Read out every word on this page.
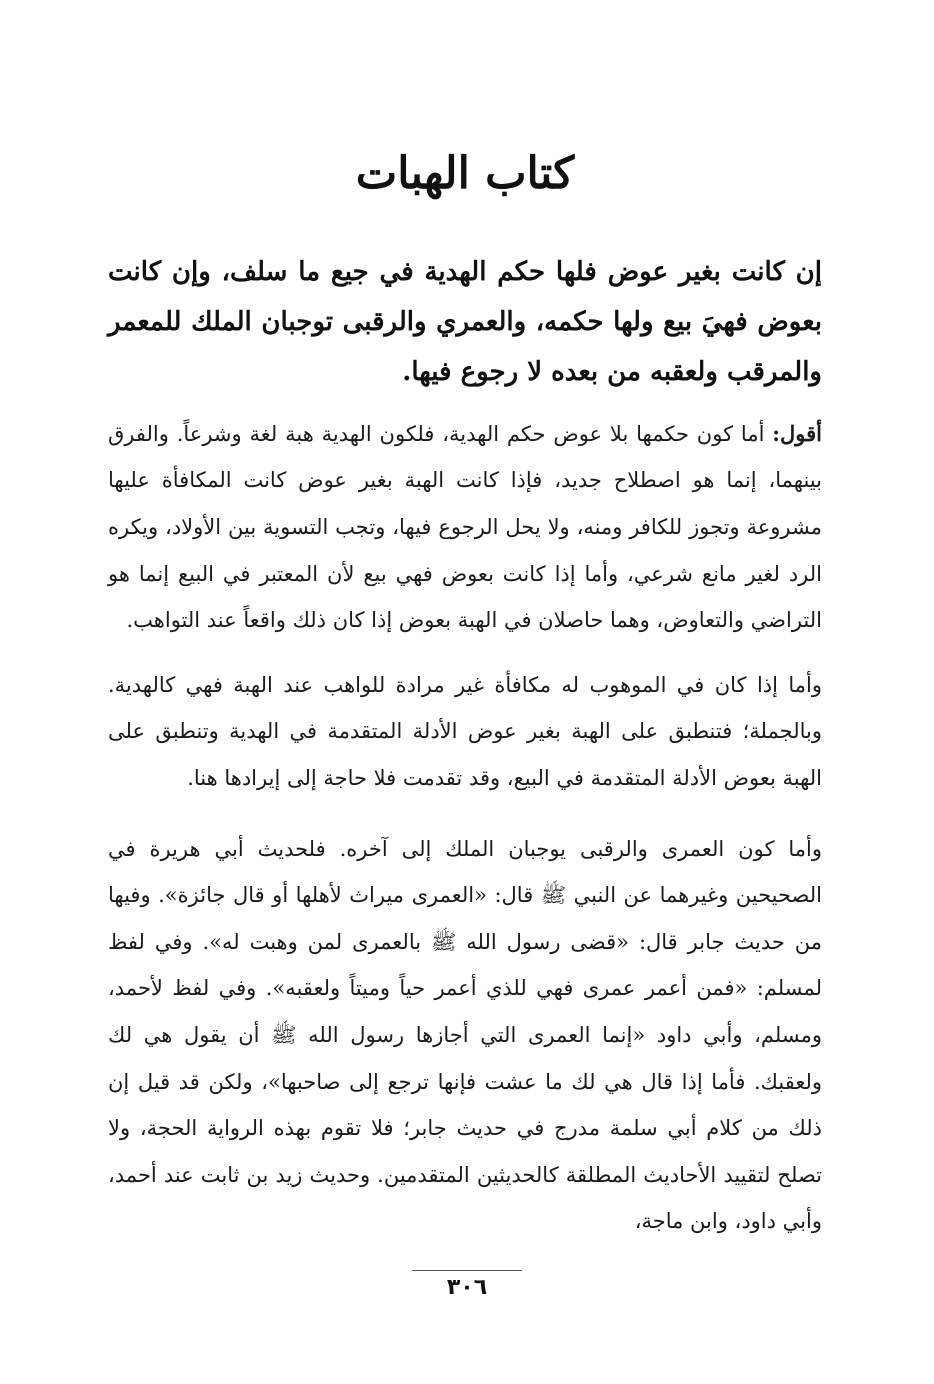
كتاب الهبات

إن كانت بغير عوض فلها حكم الهدية في جيع ما سلف، وإن كانت بعوض فهيَ بيع ولها حكمه، والعمري والرقبى توجبان الملك للمعمر والمرقب ولعقبه من بعده لا رجوع فيها.

أقول: أما كون حكمها بلا عوض حكم الهدية، فلكون الهدية هبة لغة وشرعاً. والفرق بينهما، إنما هو اصطلاح جديد، فإذا كانت الهبة بغير عوض كانت المكافأة عليها مشروعة وتجوز للكافر ومنه، ولا يحل الرجوع فيها، وتجب التسوية بين الأولاد، ويكره الرد لغير مانع شرعي، وأما إذا كانت بعوض فهي بيع لأن المعتبر في البيع إنما هو التراضي والتعاوض، وهما حاصلان في الهبة بعوض إذا كان ذلك واقعاً عند التواهب.

وأما إذا كان في الموهوب له مكافأة غير مرادة للواهب عند الهبة فهي كالهدية. وبالجملة؛ فتنطبق على الهبة بغير عوض الأدلة المتقدمة في الهدية وتنطبق على الهبة بعوض الأدلة المتقدمة في البيع، وقد تقدمت فلا حاجة إلى إيرادها هنا.

وأما كون العمرى والرقبى يوجبان الملك إلى آخره. فلحديث أبي هريرة في الصحيحين وغيرهما عن النبي ﷺ قال: «العمرى ميراث لأهلها أو قال جائزة». وفيها من حديث جابر قال: «قضى رسول الله ﷺ بالعمرى لمن وهبت له». وفي لفظ لمسلم: «فمن أعمر عمرى فهي للذي أعمر حياً وميتاً ولعقبه». وفي لفظ لأحمد، ومسلم، وأبي داود «إنما العمرى التي أجازها رسول الله ﷺ أن يقول هي لك ولعقبك. فأما إذا قال هي لك ما عشت فإنها ترجع إلى صاحبها»، ولكن قد قيل إن ذلك من كلام أبي سلمة مدرج في حديث جابر؛ فلا تقوم بهذه الرواية الحجة، ولا تصلح لتقييد الأحاديث المطلقة كالحديثين المتقدمين. وحديث زيد بن ثابت عند أحمد، وأبي داود، وابن ماجة،

٣٠٦
